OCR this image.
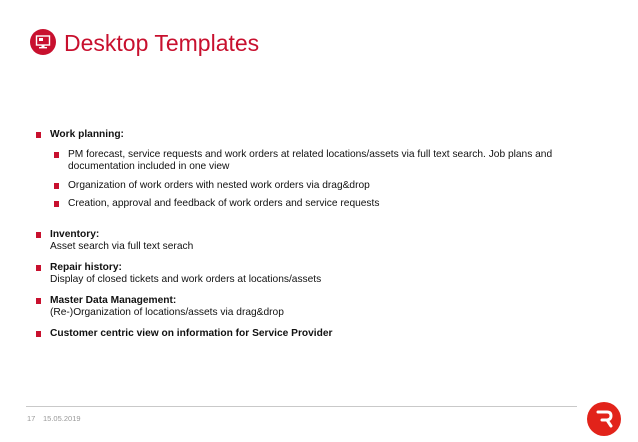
Desktop Templates
Work planning:
PM forecast, service requests and work orders at related locations/assets via full text search. Job plans and documentation included in one view
Organization of work orders with nested work orders via drag&drop
Creation, approval and feedback of work orders and service requests
Inventory:
Asset search via full text serach
Repair history:
Display of closed tickets and work orders at locations/assets
Master Data Management:
(Re-)Organization of locations/assets via drag&drop
Customer centric view on information for Service Provider
17 15.05.2019
